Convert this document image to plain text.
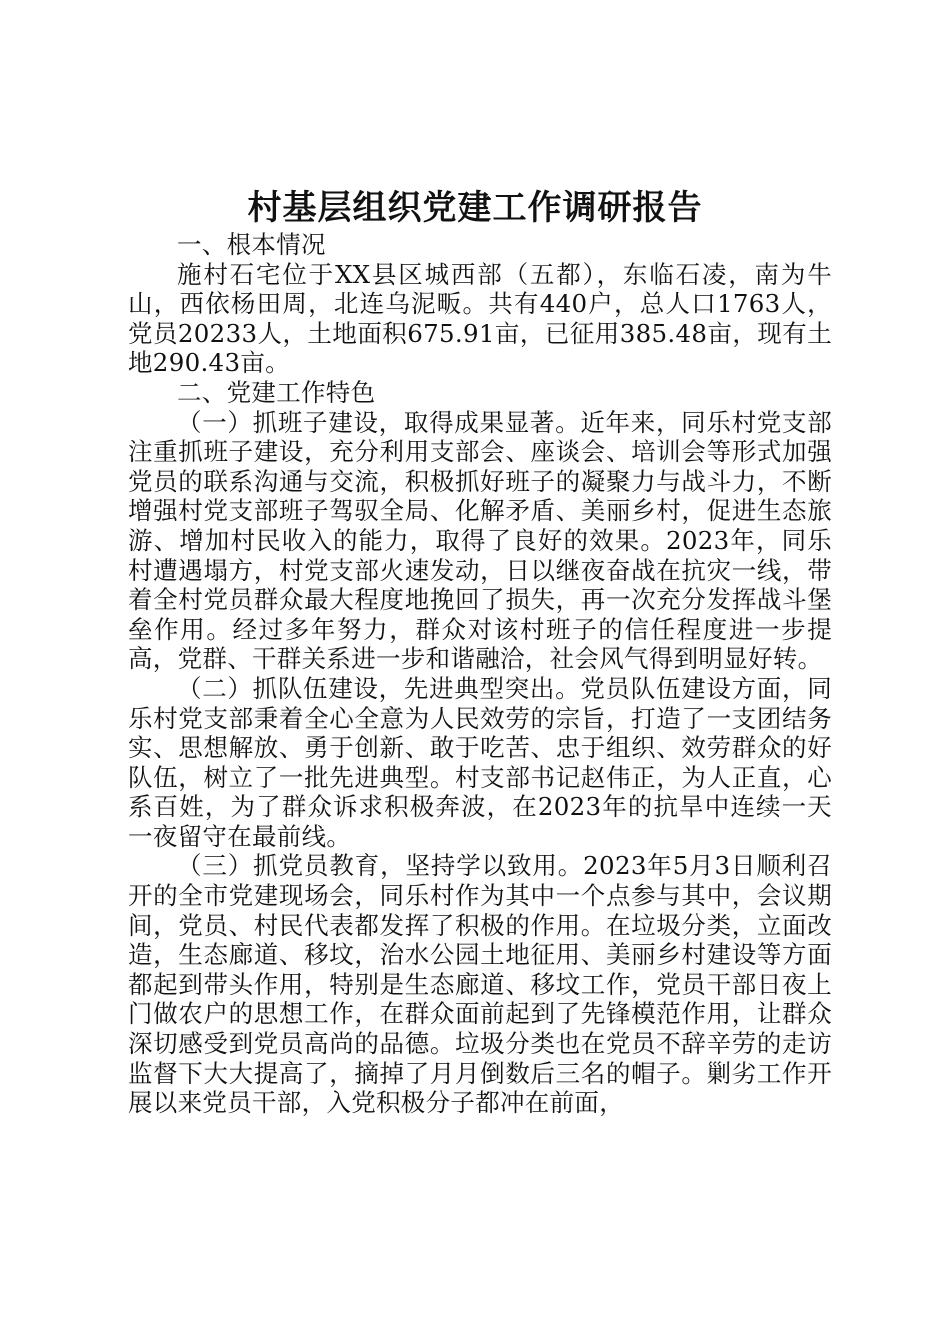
村基层组织党建工作调研报告

一、根本情况

施村石宅位于XX县区城西部（五都），东临石凌，南为牛山，西依杨田周，北连乌泥畈。共有440户，总人口1763人，党员20233人，土地面积675.91亩，已征用385.48亩，现有土地290.43亩。

二、党建工作特色

（一）抓班子建设，取得成果显著。近年来，同乐村党支部注重抓班子建设，充分利用支部会、座谈会、培训会等形式加强党员的联系沟通与交流，积极抓好班子的凝聚力与战斗力，不断增强村党支部班子驾驭全局、化解矛盾、美丽乡村，促进生态旅游、增加村民收入的能力，取得了良好的效果。2023年，同乐村遭遇塌方，村党支部火速发动，日以继夜奋战在抗灾一线，带着全村党员群众最大程度地挽回了损失，再一次充分发挥战斗堡垒作用。经过多年努力，群众对该村班子的信任程度进一步提高，党群、干群关系进一步和谐融洽，社会风气得到明显好转。

（二）抓队伍建设，先进典型突出。党员队伍建设方面，同乐村党支部秉着全心全意为人民效劳的宗旨，打造了一支团结务实、思想解放、勇于创新、敢于吃苦、忠于组织、效劳群众的好队伍，树立了一批先进典型。村支部书记赵伟正，为人正直，心系百姓，为了群众诉求积极奔波，在2023年的抗旱中连续一天一夜留守在最前线。

（三）抓党员教育，坚持学以致用。2023年5月3日顺利召开的全市党建现场会，同乐村作为其中一个点参与其中，会议期间，党员、村民代表都发挥了积极的作用。在垃圾分类，立面改造，生态廊道、移坟，治水公园土地征用、美丽乡村建设等方面都起到带头作用，特别是生态廊道、移坟工作，党员干部日夜上门做农户的思想工作，在群众面前起到了先锋模范作用，让群众深切感受到党员高尚的品德。垃圾分类也在党员不辞辛劳的走访监督下大大提高了，摘掉了月月倒数后三名的帽子。剿劣工作开展以来党员干部，入党积极分子都冲在前面，
